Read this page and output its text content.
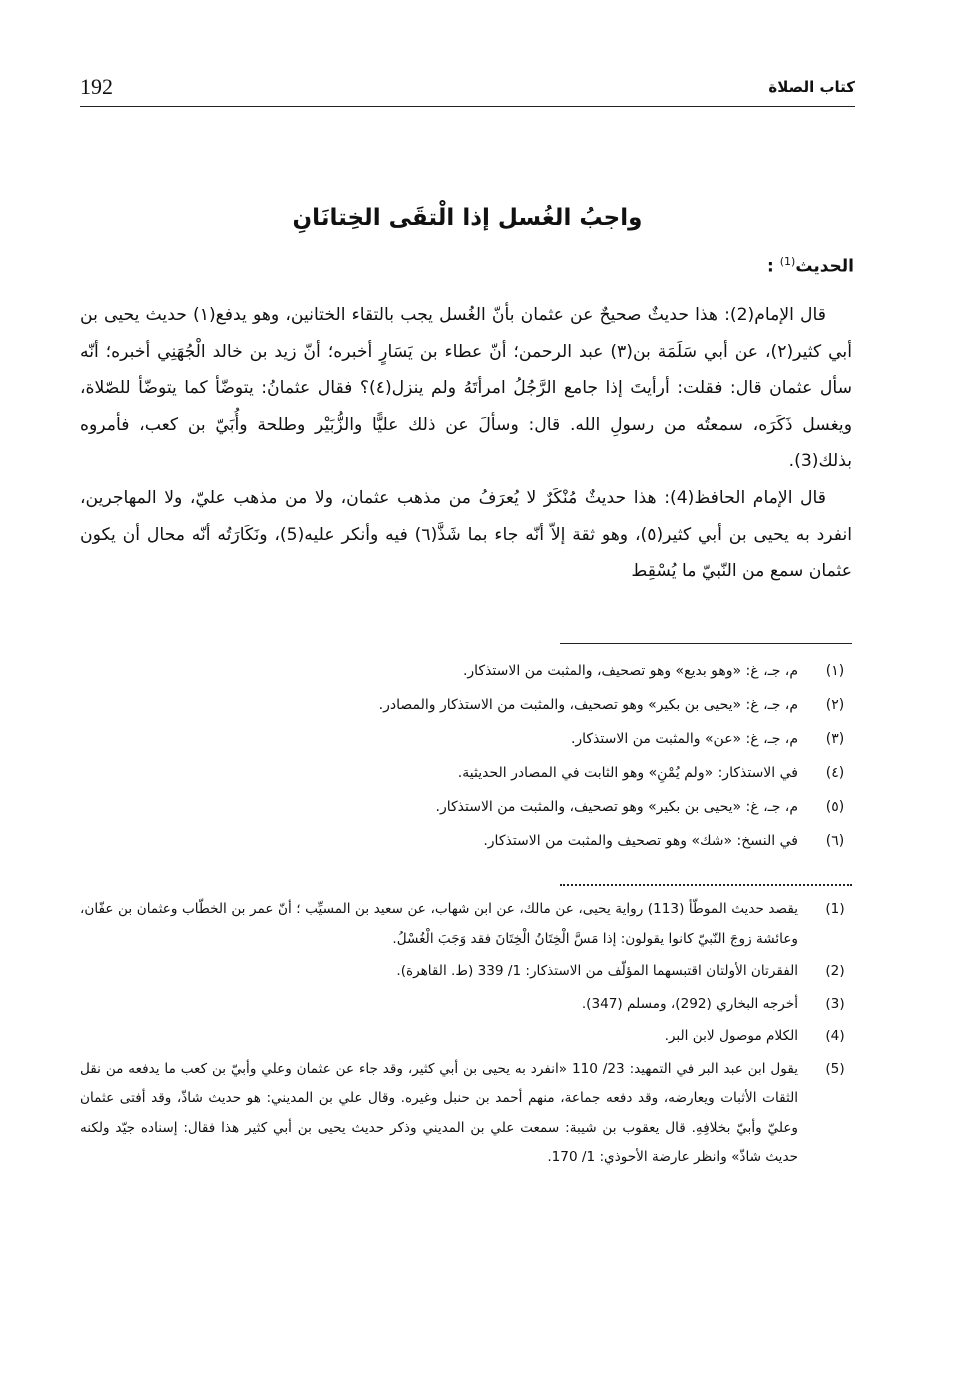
192	كتاب الصلاة
واجبُ الغُسل إذا الْتقَى الخِتانَانِ
الحديث$^{(1)}$ :

قال الإمام(2): هذا حديثٌ صحيحٌ عن عثمان بأنّ الغُسل يجب بالتقاء الختانين، وهو يدفع(١) حديث يحيى بن أبي كثير(٢)، عن أبي سَلَمَة بن(٣) عبد الرحمن؛ أنّ عطاء بن يَسَارٍ أخبره؛ أنّ زيد بن خالد الْجُهَنِي أخبره؛ أنّه سأل عثمان قال: فقلت: أرأيتَ إذا جامع الرَّجُلُ امرأتَهُ ولم ينزل(٤)؟ فقال عثمانُ: يتوضّأ كما يتوضّأ للصّلاة، ويغسل ذَكَرَه، سمعتُه من رسولِ الله. قال: وسألَ عن ذلك عليًّا والزُّبَيْر وطلحة وأُبَيّ بن كعب، فأمروه بذلك(3).

قال الإمام الحافظ(4): هذا حديثٌ مُنْكَرٌ لا يُعرَفُ من مذهب عثمان، ولا من مذهب عليّ، ولا المهاجرين، انفرد به يحيى بن أبي كثير(٥)، وهو ثقة إلاّ أنّه جاء بما شَذَّ(٦) فيه وأنكر عليه(5)، ونَكَارَتُه أنّه محال أن يكون عثمان سمع من النّبيّ ما يُسْقِط

(١)
م، جـ، غ: «وهو بديع» وهو تصحيف، والمثبت من الاستذكار.
(٢)
م، جـ، غ: «يحيى بن بكير» وهو تصحيف، والمثبت من الاستذكار والمصادر.
(٣)
م، جـ، غ: «عن» والمثبت من الاستذكار.
(٤)
في الاستذكار: «ولم يُمْنِ» وهو الثابت في المصادر الحديثية.
(٥)
م، جـ، غ: «يحيى بن بكير» وهو تصحيف، والمثبت من الاستذكار.
(٦)
في النسخ: «شك» وهو تصحيف والمثبت من الاستذكار.
(1)
يقصد حديث الموطّأ (113) رواية يحيى، عن مالك، عن ابن شهاب، عن سعيد بن المسيِّب ؛ أنّ عمر بن الخطّاب وعثمان بن عفّان، وعائشة زوجَ النّبيّ كانوا يقولون: إذا مَسَّ الْخِتَانُ الْخِتَانَ فقد وَجَبَ الْغُسْلُ.
(2)
الفقرتان الأولتان اقتبسهما المؤلّف من الاستذكار: 1/ 339 (ط. القاهرة).
(3)
أخرجه البخاري (292)، ومسلم (347).
(4)
الكلام موصول لابن البر.
(5)
يقول ابن عبد البر في التمهيد: 23/ 110 «انفرد به يحيى بن أبي كثير، وقد جاء عن عثمان وعلي وأبيّ بن كعب ما يدفعه من نقل الثقات الأثبات ويعارضه، وقد دفعه جماعة، منهم أحمد بن حنبل وغيره. وقال علي بن المديني: هو حديث شاذّ، وقد أفتى عثمان وعليّ وأبيّ بخلافِهِ. قال يعقوب بن شيبة: سمعت علي بن المديني وذكر حديث يحيى بن أبي كثير هذا فقال: إسناده جيّد ولكنه حديث شاذّ» وانظر عارضة الأحوذي: 1/ 170.
